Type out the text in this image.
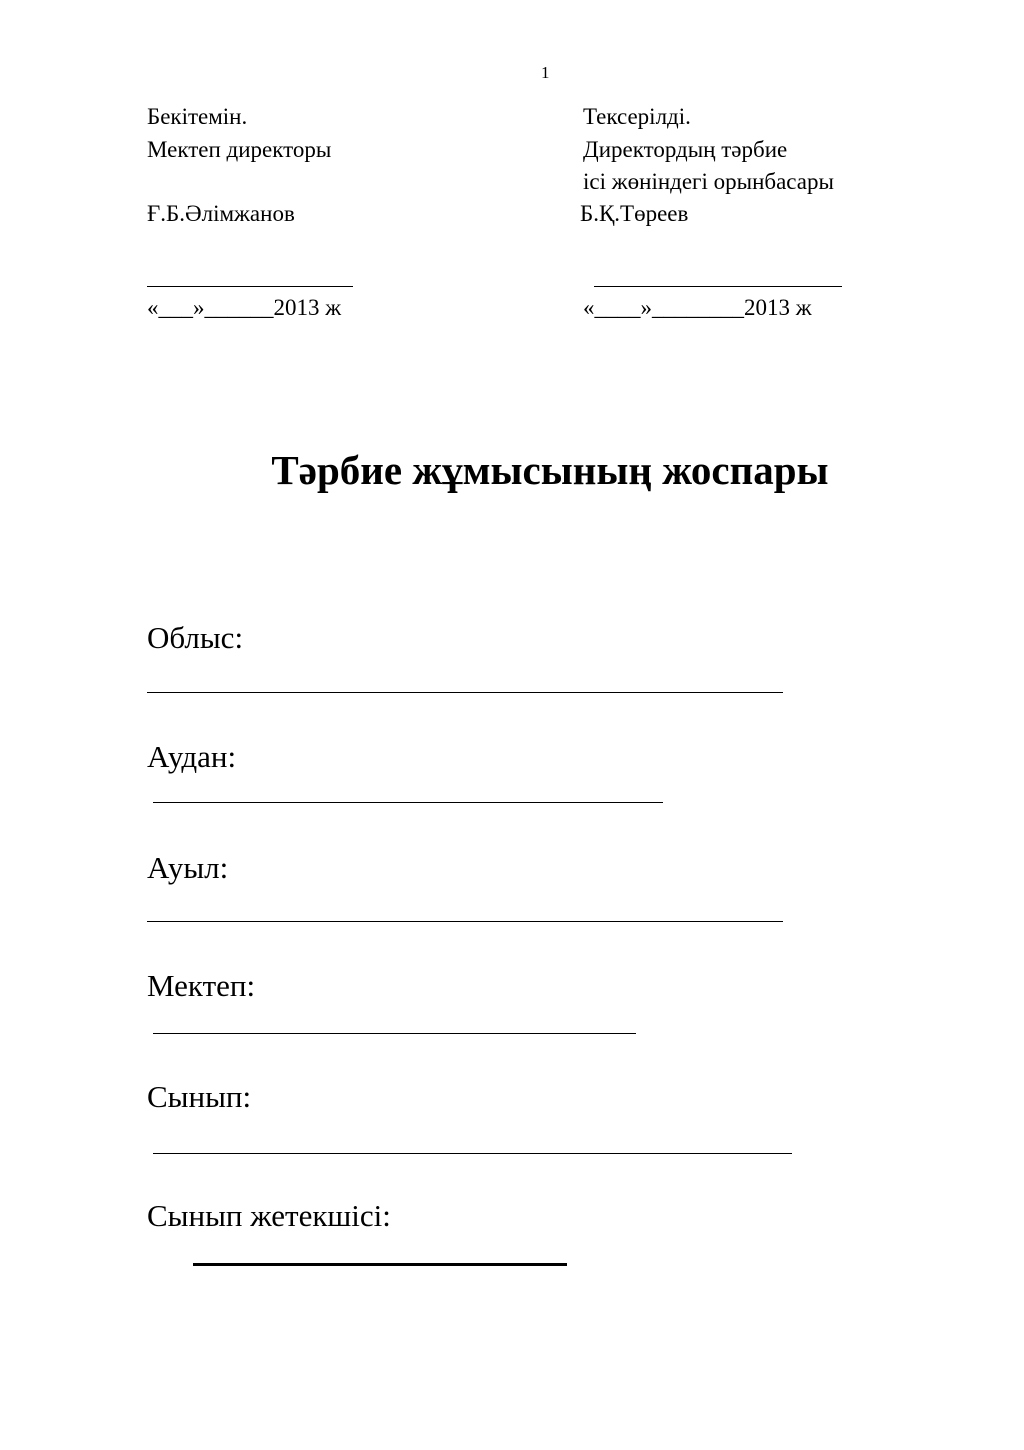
1
Бекітемін.
Мектеп директоры
Ғ.Б.Әлімжанов
«___»______2013 ж
Тексерілді.
Директордың тәрбие
ісі жөніндегі орынбасары
Б.Қ.Төреев
«____»________2013 ж
Тәрбие жұмысының жоспары
Облыс:
Аудан:
Ауыл:
Мектеп:
Сынып:
Сынып жетекшісі:
